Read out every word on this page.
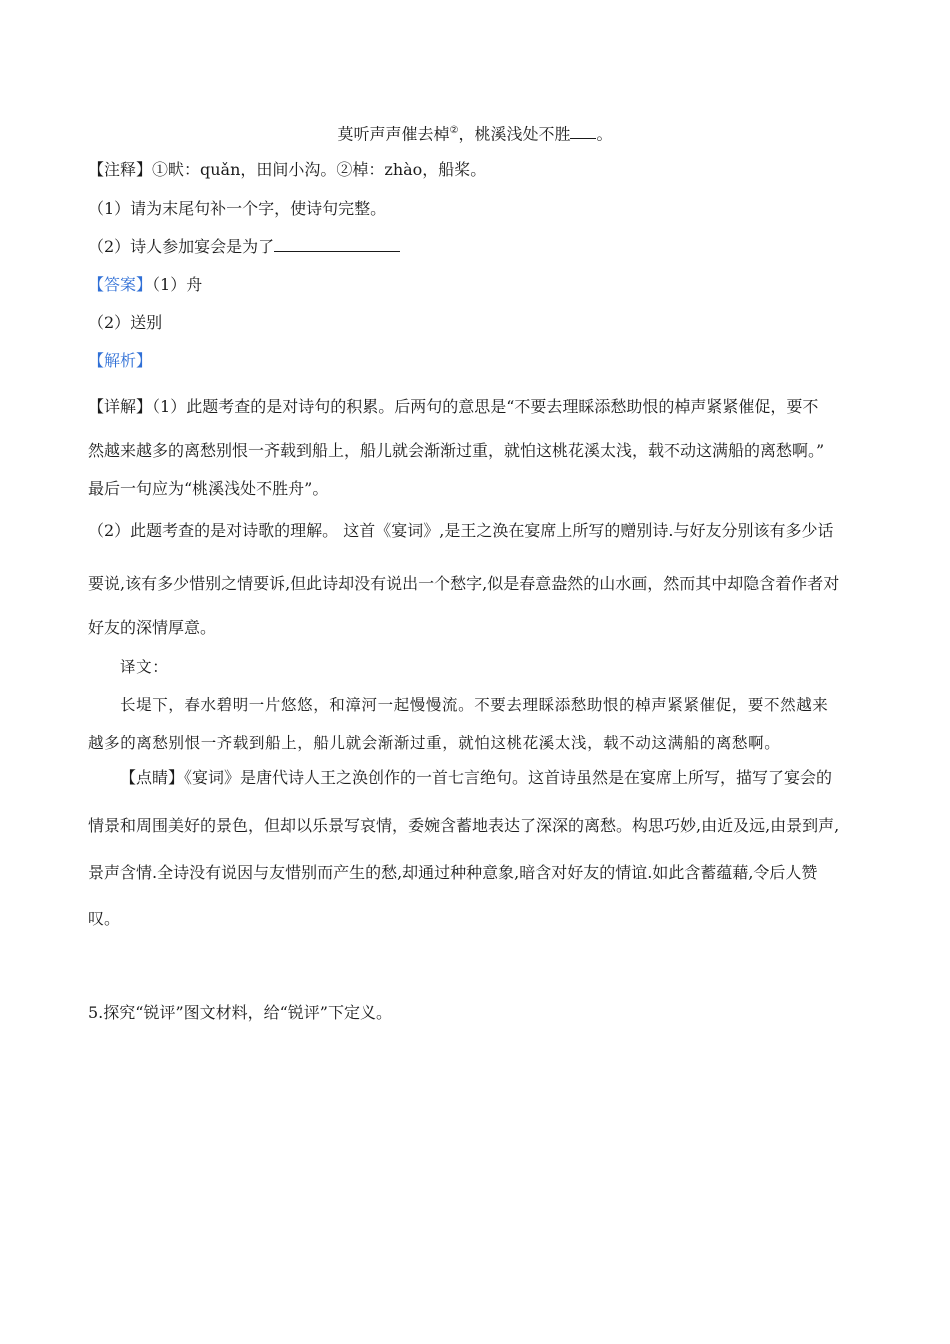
莫听声声催去棹②，桃溪浅处不胜 。
【注释】①畎：quǎn，田间小沟。②棹：zhào，船桨。
（1）请为末尾句补一个字，使诗句完整。
（2）诗人参加宴会是为了
【答案】（1）舟
（2）送别
【解析】
【详解】（1）此题考查的是对诗句的积累。后两句的意思是“不要去理睬添愁助恨的棹声紧紧催促，要不
然越来越多的离愁别恨一齐载到船上，船儿就会渐渐过重，就怕这桃花溪太浅，载不动这满船的离愁啊。”
最后一句应为“桃溪浅处不胜舟”。
（2）此题考查的是对诗歌的理解。 这首《宴词》,是王之涣在宴席上所写的赠别诗.与好友分别该有多少话
要说,该有多少惜别之情要诉,但此诗却没有说出一个愁字,似是春意盎然的山水画，然而其中却隐含着作者对
好友的深情厚意。
译文：
长堤下，春水碧明一片悠悠，和漳河一起慢慢流。不要去理睬添愁助恨的棹声紧紧催促，要不然越来
越多的离愁别恨一齐载到船上，船儿就会渐渐过重，就怕这桃花溪太浅，载不动这满船的离愁啊。
【点睛】《宴词》是唐代诗人王之涣创作的一首七言绝句。这首诗虽然是在宴席上所写，描写了宴会的
情景和周围美好的景色，但却以乐景写哀情，委婉含蓄地表达了深深的离愁。构思巧妙,由近及远,由景到声,
景声含情.全诗没有说因与友惜别而产生的愁,却通过种种意象,暗含对好友的情谊.如此含蓄蕴藉,令后人赞
叹。
5.探究“锐评”图文材料，给“锐评”下定义。
